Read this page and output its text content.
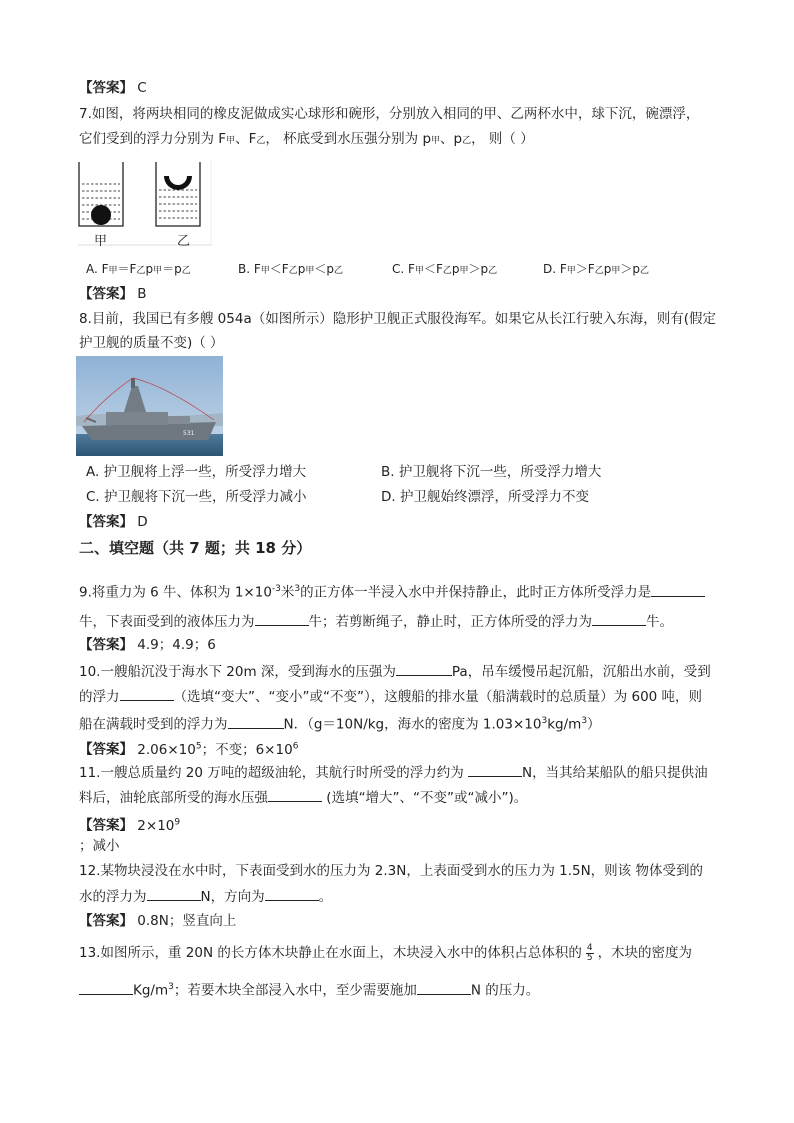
【答案】 C
7.如图，将两块相同的橡皮泥做成实心球形和碗形，分别放入相同的甲、乙两杯水中，球下沉，碗漂浮，
它们受到的浮力分别为 F甲、F乙， 杯底受到水压强分别为 p甲、p乙， 则（ ）
甲	乙
A. F甲＝F乙p甲＝p乙	B. F甲＜F乙p甲＜p乙	C. F甲＜F乙p甲＞p乙	D. F甲＞F乙p甲＞p乙
【答案】 B
8.目前，我国已有多艘 054a（如图所示）隐形护卫舰正式服役海军。如果它从长江行驶入东海，则有(假定
护卫舰的质量不变)（ ）
531
A. 护卫舰将上浮一些，所受浮力增大	B. 护卫舰将下沉一些，所受浮力增大
C. 护卫舰将下沉一些，所受浮力减小	D. 护卫舰始终漂浮，所受浮力不变
【答案】 D
二、填空题（共 7 题；共 18 分）
9.将重力为 6 牛、体积为 $1\times 10^{-3}$米$^3$的正方体一半浸入水中并保持静止，此时正方体所受浮力是
牛，下表面受到的液体压力为	牛；若剪断绳子，静止时，正方体所受的浮力为	牛。
【答案】 4.9；4.9；6
10.一艘船沉没于海水下 20m 深，受到海水的压强为	Pa，吊车缓慢吊起沉船，沉船出水前，受到
的浮力	（选填“变大”、“变小”或“不变”），这艘船的排水量（船满载时的总质量）为 600 吨，则
船在满载时受到的浮力为	N．（g＝10N/kg，海水的密度为 $1.03\times 10^3kg/m^3$）
【答案】 $2.06\times 10^5$；不变；$6\times 10^6$
11.一艘总质量约 20 万吨的超级油轮，其航行时所受的浮力约为	N，当其给某船队的船只提供油
料后，油轮底部所受的海水压强	(选填“增大”、“不变”或“减小”)。
【答案】 $2\times 10^9$
；减小
12.某物块浸没在水中时，下表面受到水的压力为 2.3N，上表面受到水的压力为 1.5N，则该 物体受到的
水的浮力为	N，方向为	。
【答案】 0.8N；竖直向上
13.如图所示，重 20N 的长方体木块静止在水面上，木块浸入水中的体积占总体积的 $\frac{4}{5}$ ，木块的密度为
$Kg/m^3$；若要木块全部浸入水中，至少需要施加	N 的压力。
